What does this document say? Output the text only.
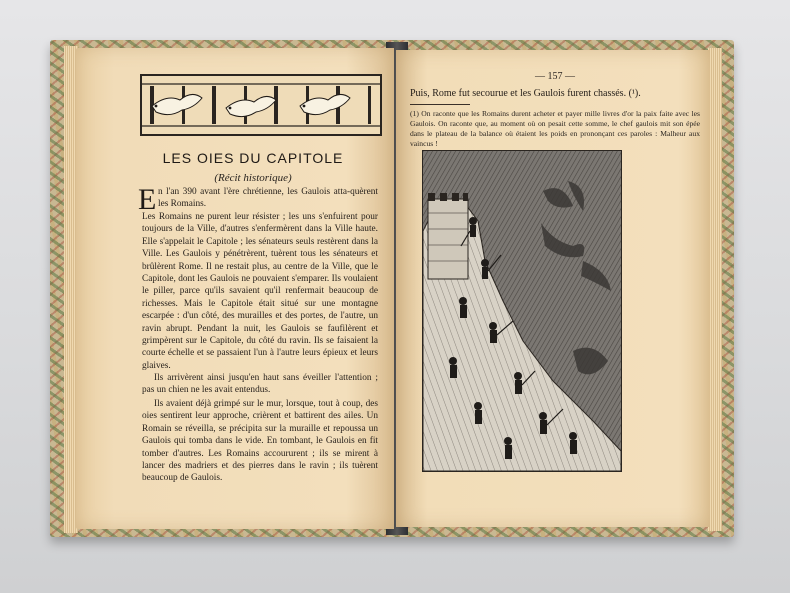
LES OIES DU CAPITOLE
(Récit historique)
E n l'an 390 avant l'ère chrétienne, les Gaulois atta-quèrent les Romains.

Les Romains ne purent leur résister ; les uns s'enfuirent pour toujours de la Ville, d'autres s'enfermèrent dans la Ville haute. Elle s'appelait le Capitole ; les sénateurs seuls restèrent dans la Ville. Les Gaulois y pénétrèrent, tuèrent tous les sénateurs et brûlèrent Rome. Il ne restait plus, au centre de la Ville, que le Capitole, dont les Gaulois ne pouvaient s'emparer. Ils voulaient le piller, parce qu'ils savaient qu'il renfermait beaucoup de richesses. Mais le Capitole était situé sur une montagne escarpée : d'un côté, des murailles et des portes, de l'autre, un ravin abrupt. Pendant la nuit, les Gaulois se faufilèrent et grimpèrent sur le Capitole, du côté du ravin. Ils se faisaient la courte échelle et se passaient l'un à l'autre leurs épieux et leurs glaives.

Ils arrivèrent ainsi jusqu'en haut sans éveiller l'attention ; pas un chien ne les avait entendus.

Ils avaient déjà grimpé sur le mur, lorsque, tout à coup, des oies sentirent leur approche, crièrent et battirent des ailes. Un Romain se réveilla, se précipita sur la muraille et repoussa un Gaulois qui tomba dans le vide. En tombant, le Gaulois en fit tomber d'autres. Les Romains accoururent ; ils se mirent à lancer des madriers et des pierres dans le ravin ; ils tuèrent beaucoup de Gaulois.

— 157 —
Puis, Rome fut secourue et les Gaulois furent chassés. (¹).
(1) On raconte que les Romains durent acheter et payer mille livres d'or la paix faite avec les Gaulois. On raconte que, au moment où on pesait cette somme, le chef gaulois mit son épée dans le plateau de la balance où étaient les poids en prononçant ces paroles : Malheur aux vaincus !
